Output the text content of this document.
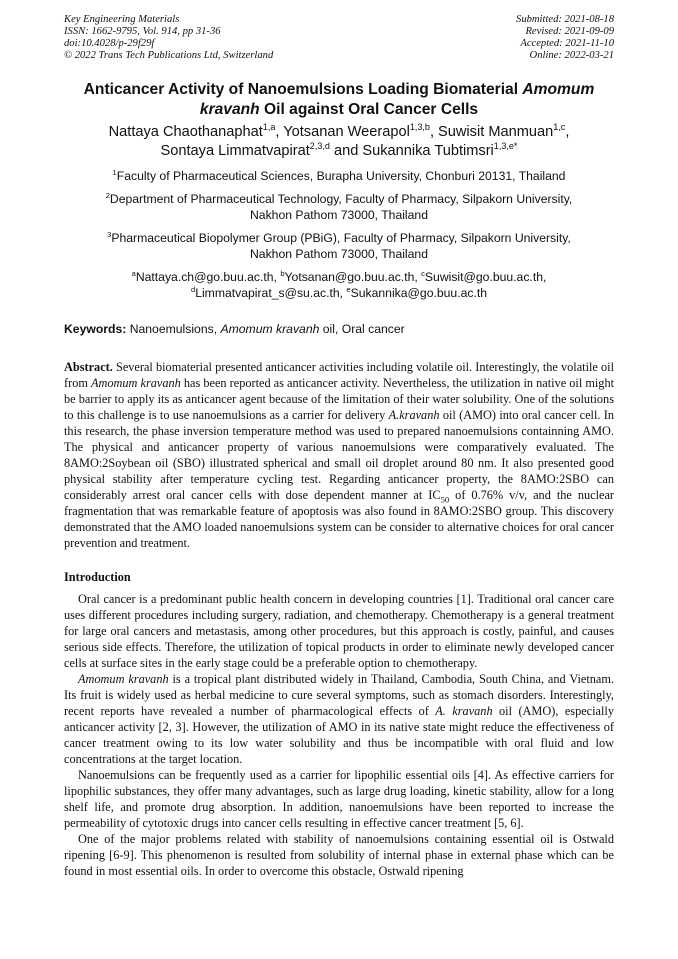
Key Engineering Materials
ISSN: 1662-9795, Vol. 914, pp 31-36
doi:10.4028/p-29f29f
© 2022 Trans Tech Publications Ltd, Switzerland
Submitted: 2021-08-18
Revised: 2021-09-09
Accepted: 2021-11-10
Online: 2022-03-21
Anticancer Activity of Nanoemulsions Loading Biomaterial Amomum kravanh Oil against Oral Cancer Cells
Nattaya Chaothanaphat$^{1,a}$, Yotsanan Weerapol$^{1,3,b}$, Suwisit Manmuan$^{1,c}$,
Sontaya Limmatvapirat$^{2,3,d}$ and Sukannika Tubtimsri$^{1,3,e*}$
$^1$Faculty of Pharmaceutical Sciences, Burapha University, Chonburi 20131, Thailand
$^2$Department of Pharmaceutical Technology, Faculty of Pharmacy, Silpakorn University,
Nakhon Pathom 73000, Thailand
$^3$Pharmaceutical Biopolymer Group (PBiG), Faculty of Pharmacy, Silpakorn University,
Nakhon Pathom 73000, Thailand
$^a$Nattaya.ch@go.buu.ac.th, $^b$Yotsanan@go.buu.ac.th, $^c$Suwisit@go.buu.ac.th,
$^d$Limmatvapirat_s@su.ac.th, $^e$Sukannika@go.buu.ac.th
Keywords: Nanoemulsions, Amomum kravanh oil, Oral cancer
Abstract. Several biomaterial presented anticancer activities including volatile oil. Interestingly, the volatile oil from Amomum kravanh has been reported as anticancer activity. Nevertheless, the utilization in native oil might be barrier to apply its as anticancer agent because of the limitation of their water solubility. One of the solutions to this challenge is to use nanoemulsions as a carrier for delivery A.kravanh oil (AMO) into oral cancer cell. In this research, the phase inversion temperature method was used to prepared nanoemulsions containning AMO. The physical and anticancer property of various nanoemulsions were comparatively evaluated. The 8AMO:2Soybean oil (SBO) illustrated spherical and small oil droplet around 80 nm. It also presented good physical stability after temperature cycling test. Regarding anticancer property, the 8AMO:2SBO can considerably arrest oral cancer cells with dose dependent manner at $IC_{50}$ of 0.76% v/v, and the nuclear fragmentation that was remarkable feature of apoptosis was also found in 8AMO:2SBO group. This discovery demonstrated that the AMO loaded nanoemulsions system can be consider to alternative choices for oral cancer prevention and treatment.
Introduction

Oral cancer is a predominant public health concern in developing countries [1]. Traditional oral cancer care uses different procedures including surgery, radiation, and chemotherapy. Chemotherapy is a general treatment for large oral cancers and metastasis, among other procedures, but this approach is costly, painful, and causes serious side effects. Therefore, the utilization of topical products in order to eliminate newly developed cancer cells at surface sites in the early stage could be a preferable option to chemotherapy.

Amomum kravanh is a tropical plant distributed widely in Thailand, Cambodia, South China, and Vietnam. Its fruit is widely used as herbal medicine to cure several symptoms, such as stomach disorders. Interestingly, recent reports have revealed a number of pharmacological effects of A. kravanh oil (AMO), especially anticancer activity [2, 3]. However, the utilization of AMO in its native state might reduce the effectiveness of cancer treatment owing to its low water solubility and thus be incompatible with oral fluid and low concentrations at the target location.

Nanoemulsions can be frequently used as a carrier for lipophilic essential oils [4]. As effective carriers for lipophilic substances, they offer many advantages, such as large drug loading, kinetic stability, allow for a long shelf life, and promote drug absorption. In addition, nanoemulsions have been reported to increase the permeability of cytotoxic drugs into cancer cells resulting in effective cancer treatment [5, 6].

One of the major problems related with stability of nanoemulsions containing essential oil is Ostwald ripening [6-9]. This phenomenon is resulted from solubility of internal phase in external phase which can be found in most essential oils. In order to overcome this obstacle, Ostwald ripening
